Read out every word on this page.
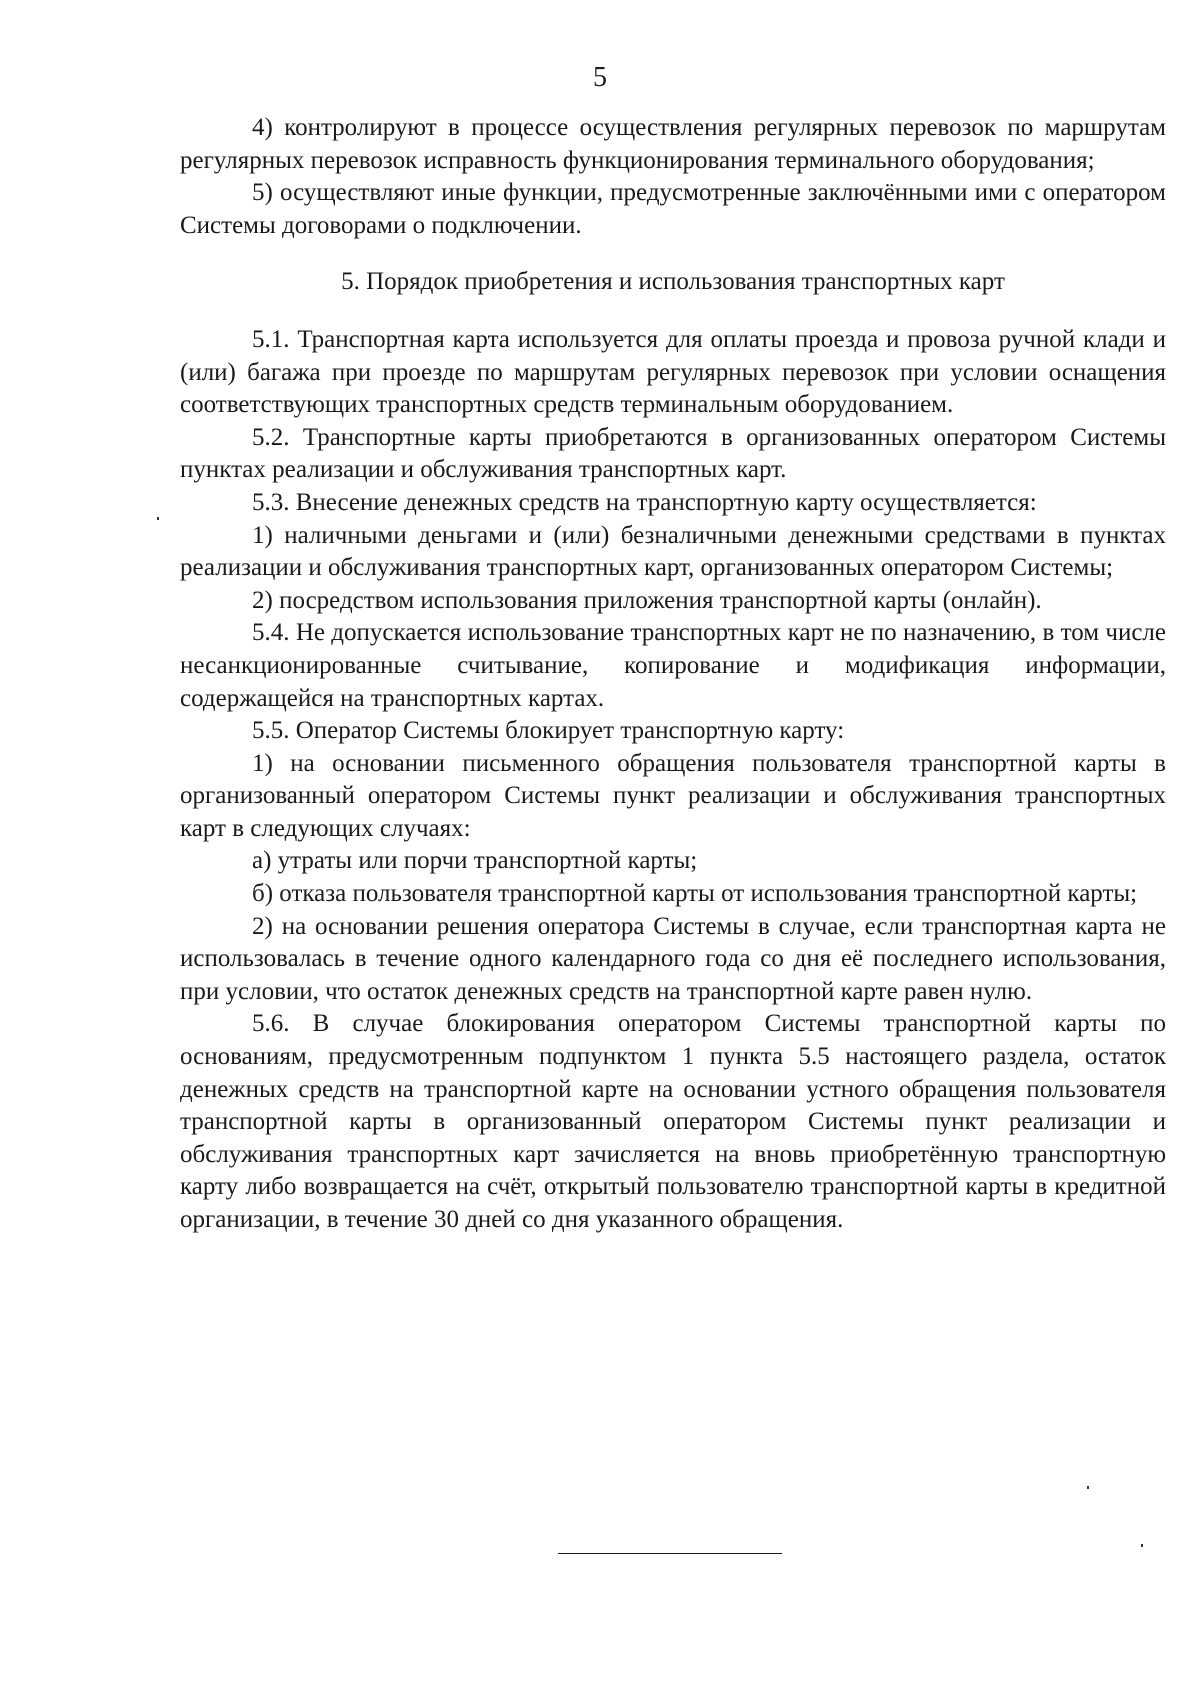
5

4) контролируют в процессе осуществления регулярных перевозок по маршрутам регулярных перевозок исправность функционирования терминального оборудования;

5) осуществляют иные функции, предусмотренные заключёнными ими с оператором Системы договорами о подключении.

5. Порядок приобретения и использования транспортных карт

5.1. Транспортная карта используется для оплаты проезда и провоза ручной клади и (или) багажа при проезде по маршрутам регулярных перевозок при условии оснащения соответствующих транспортных средств терминальным оборудованием.

5.2. Транспортные карты приобретаются в организованных оператором Системы пунктах реализации и обслуживания транспортных карт.

5.3. Внесение денежных средств на транспортную карту осуществляется:

1) наличными деньгами и (или) безналичными денежными средствами в пунктах реализации и обслуживания транспортных карт, организованных оператором Системы;

2) посредством использования приложения транспортной карты (онлайн).

5.4. Не допускается использование транспортных карт не по назначению, в том числе несанкционированные считывание, копирование и модификация информации, содержащейся на транспортных картах.

5.5. Оператор Системы блокирует транспортную карту:

1) на основании письменного обращения пользователя транспортной карты в организованный оператором Системы пункт реализации и обслуживания транспортных карт в следующих случаях:

а) утраты или порчи транспортной карты;

б) отказа пользователя транспортной карты от использования транспортной карты;

2) на основании решения оператора Системы в случае, если транспортная карта не использовалась в течение одного календарного года со дня её последнего использования, при условии, что остаток денежных средств на транспортной карте равен нулю.

5.6. В случае блокирования оператором Системы транспортной карты по основаниям, предусмотренным подпунктом 1 пункта 5.5 настоящего раздела, остаток денежных средств на транспортной карте на основании устного обращения пользователя транспортной карты в организованный оператором Системы пункт реализации и обслуживания транспортных карт зачисляется на вновь приобретённую транспортную карту либо возвращается на счёт, открытый пользователю транспортной карты в кредитной организации, в течение 30 дней со дня указанного обращения.
